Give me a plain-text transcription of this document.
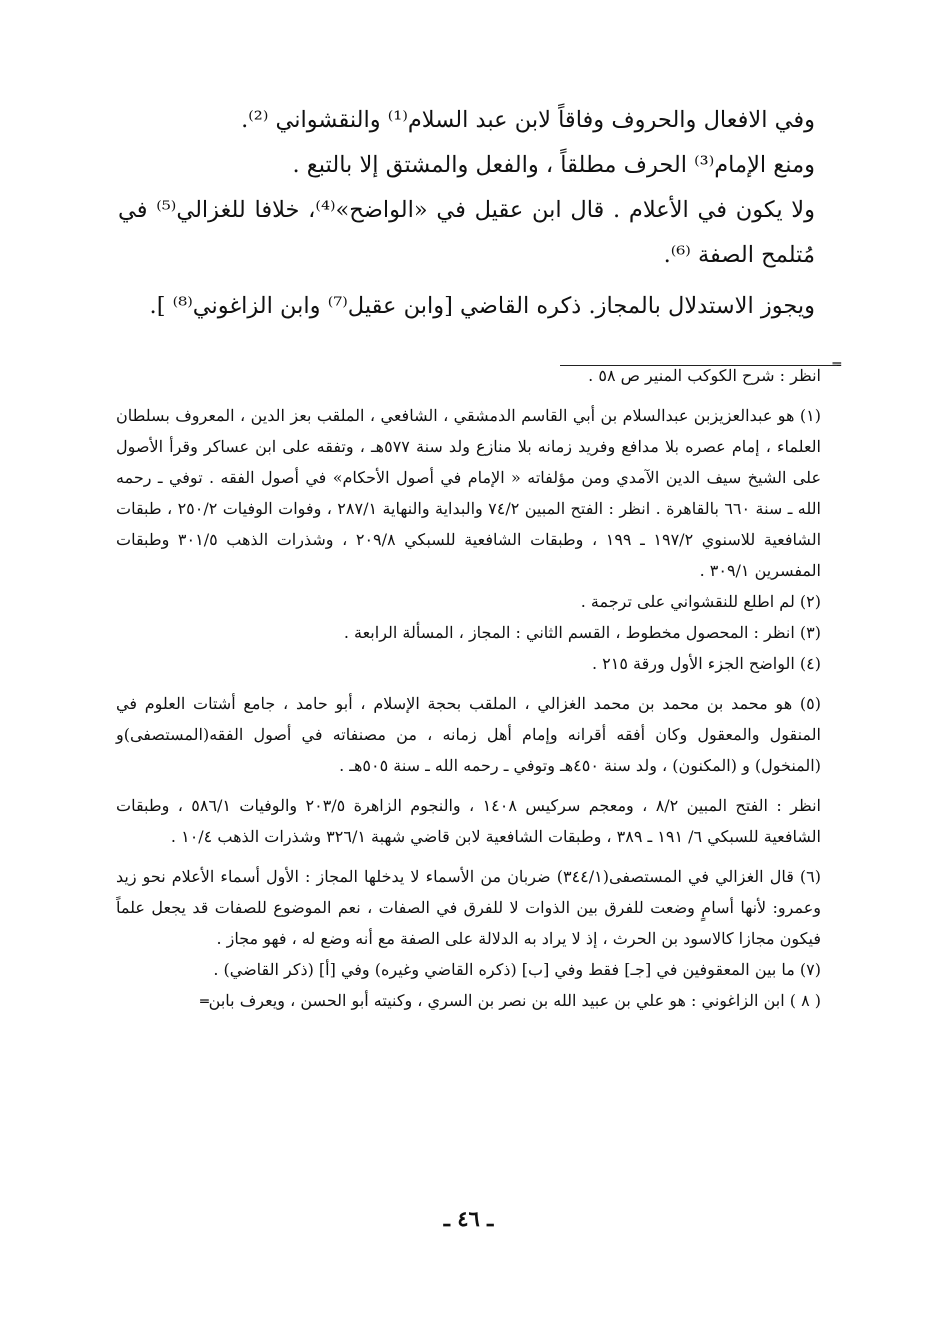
وفي الافعال والحروف وفاقاً لابن عبد السلام⁽¹⁾ والنقشواني ⁽²⁾.

ومنع الإمام⁽³⁾ الحرف مطلقاً ، والفعل والمشتق إلا بالتبع .

ولا يكون في الأعلام . قال ابن عقيل في «الواضح»⁽⁴⁾، خلافا للغزالي⁽⁵⁾ في مُتلمح الصفة ⁽⁶⁾.

ويجوز الاستدلال بالمجاز. ذكره القاضي [وابن عقيل⁽⁷⁾ وابن الزاغوني⁽⁸⁾ ].

═

انظر : شرح الكوكب المنير ص ٥٨ .

(١) هو عبدالعزيزبن عبدالسلام بن أبي القاسم الدمشقي ، الشافعي ، الملقب بعز الدين ، المعروف بسلطان العلماء ، إمام عصره بلا مدافع وفريد زمانه بلا منازع ولد سنة ٥٧٧هـ ، وتفقه على ابن عساكر وقرأ الأصول على الشيخ سيف الدين الآمدي ومن مؤلفاته « الإمام في أصول الأحكام» في أصول الفقه . توفي ـ رحمه الله ـ سنة ٦٦٠ بالقاهرة . انظر : الفتح المبين ٧٤/٢ والبداية والنهاية ٢٨٧/١ ، وفوات الوفيات ٢٥٠/٢ ، طبقات الشافعية للاسنوي ١٩٧/٢ ـ ١٩٩ ، وطبقات الشافعية للسبكي ٢٠٩/٨ ، وشذرات الذهب ٣٠١/٥ وطبقات المفسرين ٣٠٩/١ .

(٢) لم اطلع للنقشواني على ترجمة .

(٣) انظر : المحصول مخطوط ، القسم الثاني : المجاز ، المسألة الرابعة .

(٤) الواضح الجزء الأول ورقة ٢١٥ .

(٥) هو محمد بن محمد بن محمد الغزالي ، الملقب بحجة الإسلام ، أبو حامد ، جامع أشتات العلوم في المنقول والمعقول وكان أفقه أقرانه وإمام أهل زمانه ، من مصنفاته في أصول الفقه(المستصفى)و (المنخول) و (المكنون) ، ولد سنة ٤٥٠هـ وتوفي ـ رحمه الله ـ سنة ٥٠٥هـ .

انظر : الفتح المبين ٨/٢ ، ومعجم سركيس ١٤٠٨ ، والنجوم الزاهرة ٢٠٣/٥ والوفيات ٥٨٦/١ ، وطبقات الشافعية للسبكي ٦/ ١٩١ ـ ٣٨٩ ، وطبقات الشافعية لابن قاضي شهبة ٣٢٦/١ وشذرات الذهب ١٠/٤ .

(٦) قال الغزالي في المستصفى(٣٤٤/١) ضربان من الأسماء لا يدخلها المجاز : الأول أسماء الأعلام نحو زيد وعمرو: لأنها أسامٍ وضعت للفرق بين الذوات لا للفرق في الصفات ، نعم الموضوع للصفات قد يجعل علماً فيكون مجازا كالاسود بن الحرث ، إذ لا يراد به الدلالة على الصفة مع أنه وضع له ، فهو مجاز .

(٧) ما بين المعقوفين في [جـ] فقط وفي [ب] (ذكره القاضي وغيره) وفي [أ] (ذكر القاضي) .

( ٨ ) ابن الزاغوني : هو علي بن عبيد الله بن نصر بن السري ، وكنيته أبو الحسن ، ويعرف بابن═

ـ ٤٦ ـ
